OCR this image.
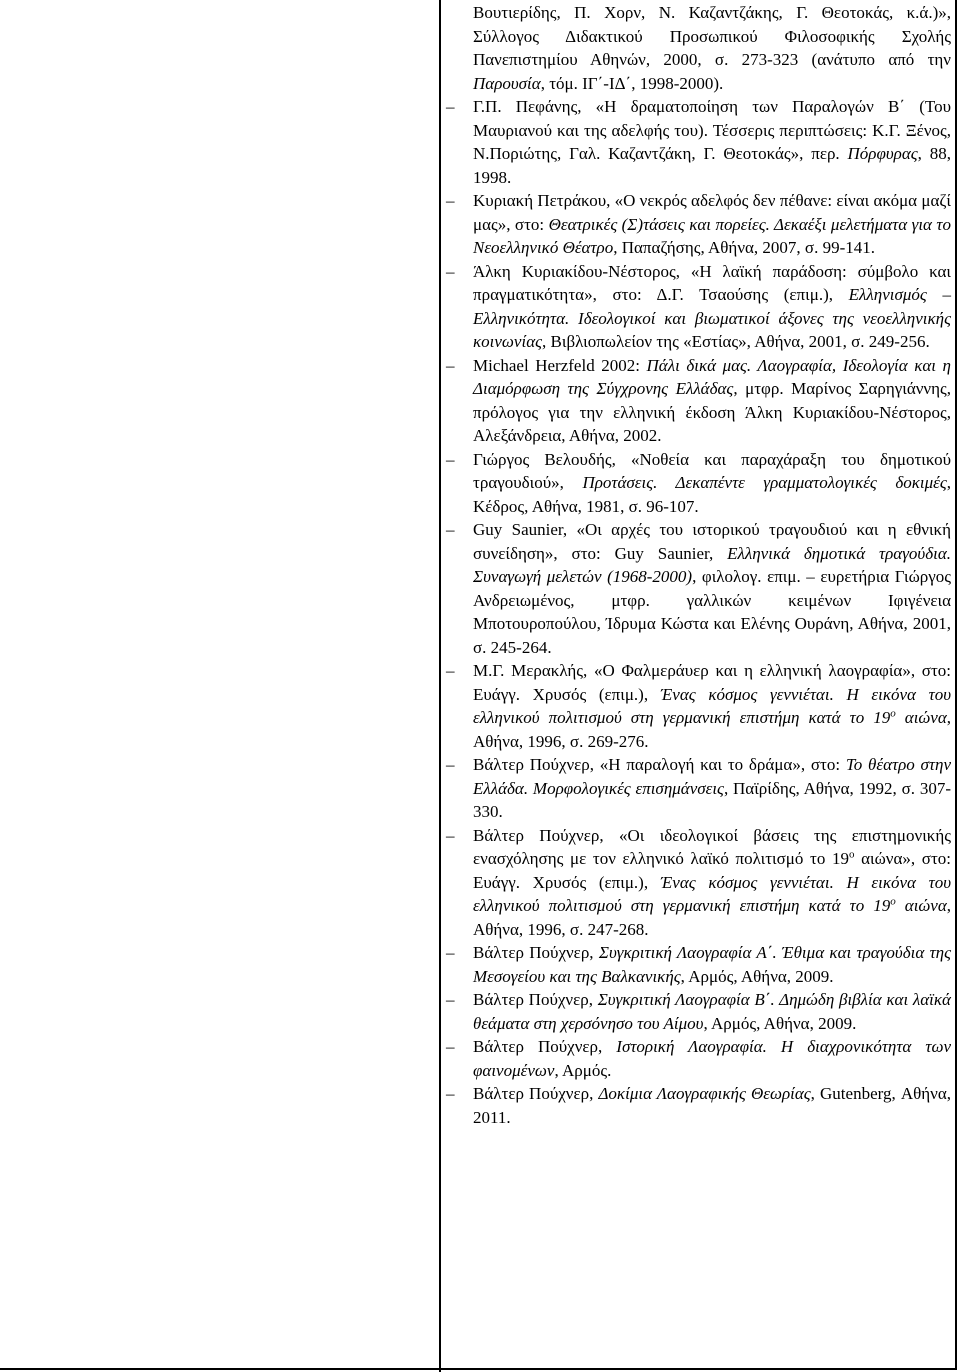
Βουτιερίδης, Π. Χορν, Ν. Καζαντζάκης, Γ. Θεοτοκάς, κ.ά.)», Σύλλογος Διδακτικού Προσωπικού Φιλοσοφικής Σχολής Πανεπιστημίου Αθηνών, 2000, σ. 273-323 (ανάτυπο από την Παρουσία, τόμ. ΙΓ΄-ΙΔ΄, 1998-2000).
– Γ.Π. Πεφάνης, «Η δραματοποίηση των Παραλογών Β΄ (Του Μαυριανού και της αδελφής του). Τέσσερις περιπτώσεις: Κ.Γ. Ξένος, Ν.Ποριώτης, Γαλ. Καζαντζάκη, Γ. Θεοτοκάς», περ. Πόρφυρας, 88, 1998.
– Κυριακή Πετράκου, «Ο νεκρός αδελφός δεν πέθανε: είναι ακόμα μαζί μας», στο: Θεατρικές (Σ)τάσεις και πορείες. Δεκαέξι μελετήματα για το Νεοελληνικό Θέατρο, Παπαζήσης, Αθήνα, 2007, σ. 99-141.
– Άλκη Κυριακίδου-Νέστορος, «Η λαϊκή παράδοση: σύμβολο και πραγματικότητα», στο: Δ.Γ. Τσαούσης (επιμ.), Ελληνισμός – Ελληνικότητα. Ιδεολογικοί και βιωματικοί άξονες της νεοελληνικής κοινωνίας, Βιβλιοπωλείον της «Εστίας», Αθήνα, 2001, σ. 249-256.
– Michael Herzfeld 2002: Πάλι δικά μας. Λαογραφία, Ιδεολογία και η Διαμόρφωση της Σύγχρονης Ελλάδας, μτφρ. Μαρίνος Σαρηγιάννης, πρόλογος για την ελληνική έκδοση Άλκη Κυριακίδου-Νέστορος, Αλεξάνδρεια, Αθήνα, 2002.
– Γιώργος Βελουδής, «Νοθεία και παραχάραξη του δημοτικού τραγουδιού», Προτάσεις. Δεκαπέντε γραμματολογικές δοκιμές, Κέδρος, Αθήνα, 1981, σ. 96-107.
– Guy Saunier, «Οι αρχές του ιστορικού τραγουδιού και η εθνική συνείδηση», στο: Guy Saunier, Ελληνικά δημοτικά τραγούδια. Συναγωγή μελετών (1968-2000), φιλολογ. επιμ. – ευρετήρια Γιώργος Ανδρειωμένος, μτφρ. γαλλικών κειμένων Ιφιγένεια Μποτουροπούλου, Ίδρυμα Κώστα και Ελένης Ουράνη, Αθήνα, 2001, σ. 245-264.
– Μ.Γ. Μερακλής, «Ο Φαλμεράυερ και η ελληνική λαογραφία», στο: Ευάγγ. Χρυσός (επιμ.), Ένας κόσμος γεννιέται. Η εικόνα του ελληνικού πολιτισμού στη γερμανική επιστήμη κατά το $19^o$ αιώνα, Αθήνα, 1996, σ. 269-276.
– Βάλτερ Πούχνερ, «Η παραλογή και το δράμα», στο: Το θέατρο στην Ελλάδα. Μορφολογικές επισημάνσεις, Παϊρίδης, Αθήνα, 1992, σ. 307-330.
– Βάλτερ Πούχνερ, «Οι ιδεολογικοί βάσεις της επιστημονικής ενασχόλησης με τον ελληνικό λαϊκό πολιτισμό το $19^o$ αιώνα», στο: Ευάγγ. Χρυσός (επιμ.), Ένας κόσμος γεννιέται. Η εικόνα του ελληνικού πολιτισμού στη γερμανική επιστήμη κατά το $19^o$ αιώνα, Αθήνα, 1996, σ. 247-268.
– Βάλτερ Πούχνερ, Συγκριτική Λαογραφία Α΄. Έθιμα και τραγούδια της Μεσογείου και της Βαλκανικής, Αρμός, Αθήνα, 2009.
– Βάλτερ Πούχνερ, Συγκριτική Λαογραφία Β΄. Δημώδη βιβλία και λαϊκά θεάματα στη χερσόνησο του Αίμου, Αρμός, Αθήνα, 2009.
– Βάλτερ Πούχνερ, Ιστορική Λαογραφία. Η διαχρονικότητα των φαινομένων, Αρμός.
– Βάλτερ Πούχνερ, Δοκίμια Λαογραφικής Θεωρίας, Gutenberg, Αθήνα, 2011.
